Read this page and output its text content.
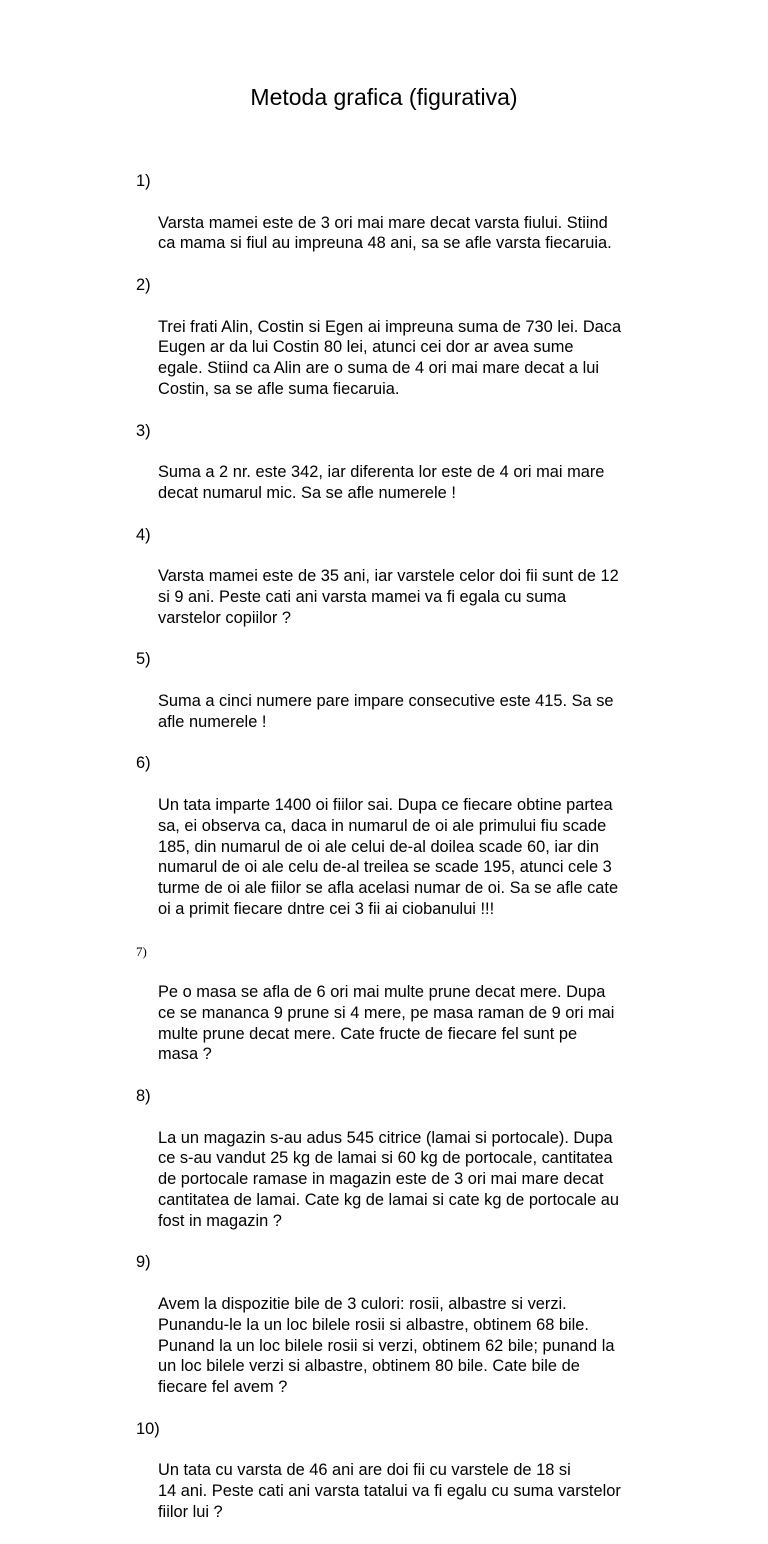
Metoda grafica (figurativa)

1)

Varsta mamei este de 3 ori mai mare decat varsta fiului. Stiind
ca mama si fiul au impreuna 48 ani, sa se afle varsta fiecaruia.

2)

Trei frati Alin, Costin si Egen ai impreuna suma de 730 lei. Daca
Eugen ar da lui Costin 80 lei, atunci cei dor ar avea sume
egale. Stiind ca Alin are o suma de 4 ori mai mare decat a lui
Costin, sa se afle suma fiecaruia.

3)

Suma a 2 nr. este 342, iar diferenta lor este de 4 ori mai mare
decat numarul mic. Sa se afle numerele !

4)

Varsta mamei este de 35 ani, iar varstele celor doi fii sunt de 12
si 9 ani. Peste cati ani varsta mamei va fi egala cu suma
varstelor copiilor ?

5)

Suma a cinci numere pare impare consecutive este 415. Sa se
afle numerele !

6)

Un tata imparte 1400 oi fiilor sai. Dupa ce fiecare obtine partea
sa, ei observa ca, daca in numarul de oi ale primului fiu scade
185, din numarul de oi ale celui de-al doilea scade 60, iar din
numarul de oi ale celu de-al treilea se scade 195, atunci cele 3
turme de oi ale fiilor se afla acelasi numar de oi. Sa se afle cate
oi a primit fiecare dntre cei 3 fii ai ciobanului !!!

7)

Pe o masa se afla de 6 ori mai multe prune decat mere. Dupa
ce se mananca 9 prune si 4 mere, pe masa raman de 9 ori mai
multe prune decat mere. Cate fructe de fiecare fel sunt pe
masa ?

8)

La un magazin s-au adus 545 citrice (lamai si portocale). Dupa
ce s-au vandut 25 kg de lamai si 60 kg de portocale, cantitatea
de portocale ramase in magazin este de 3 ori mai mare decat
cantitatea de lamai. Cate kg de lamai si cate kg de portocale au
fost in magazin ?

9)

Avem la dispozitie bile de 3 culori: rosii, albastre si verzi.
Punandu-le la un loc bilele rosii si albastre, obtinem 68 bile.
Punand la un loc bilele rosii si verzi, obtinem 62 bile; punand la
un loc bilele verzi si albastre, obtinem 80 bile. Cate bile de
fiecare fel avem ?

10)

Un tata cu varsta de 46 ani are doi fii cu varstele de 18 si
14 ani. Peste cati ani varsta tatalui va fi egalu cu suma varstelor
fiilor lui ?
